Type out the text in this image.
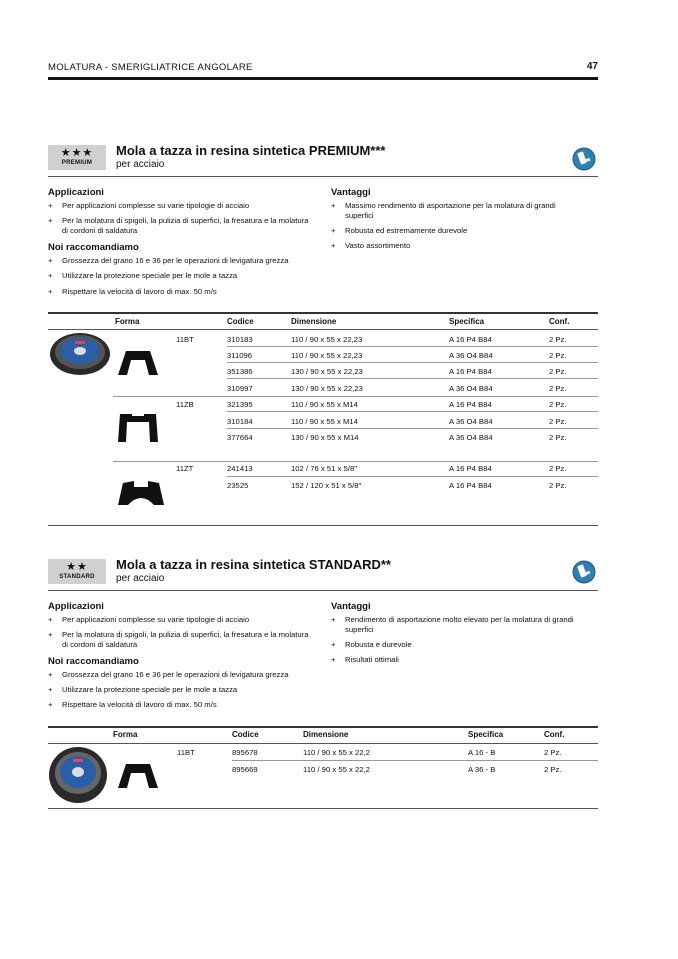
MOLATURA - SMERIGLIATRICE ANGOLARE	47
★★★
PREMIUM
Mola a tazza in resina sintetica PREMIUM***
per acciaio
Applicazioni
+ Per applicazioni complesse su varie tipologie di acciaio
+ Per la molatura di spigoli, la pulizia di superfici, la fresatura e la molatura
di cordoni di saldatura
Noi raccomandiamo
+ Grossezza del grano 16 e 36 per le operazioni di levigatura grezza
+ Utilizzare la protezione speciale per le mole a tazza
+ Rispettare la velocità di lavoro di max. 50 m/s
Vantaggi
+ Massimo rendimento di asportazione per la molatura di grandi
superfici
+ Robusta ed estremamente durevole
+ Vasto assortimento
Forma	Codice	Dimensione	Specifica	Conf.
11BT	310183	110 / 90 x 55 x 22,23	A 16 P4 B84	2 Pz.
311096	110 / 90 x 55 x 22,23	A 36 O4 B84	2 Pz.
351386	130 / 90 x 55 x 22,23	A 16 P4 B84	2 Pz.
310997	130 / 90 x 55 x 22,23	A 36 O4 B84	2 Pz.
11ZB	321395	110 / 90 x 55 x M14	A 16 P4 B84	2 Pz.
310184	110 / 90 x 55 x M14	A 36 O4 B84	2 Pz.
377664	130 / 90 x 55 x M14	A 36 O4 B84	2 Pz.
11ZT	241413	102 / 76 x 51 x 5/8"	A 16 P4 B84	2 Pz.
23525	152 / 120 x 51 x 5/8"	A 16 P4 B84	2 Pz.
★★
STANDARD
Mola a tazza in resina sintetica STANDARD**
per acciaio
Applicazioni
+ Per applicazioni complesse su varie tipologie di acciaio
+ Per la molatura di spigoli, la pulizia di superfici, la fresatura e la molatura
di cordoni di saldatura
Noi raccomandiamo
+ Grossezza del grano 16 e 36 per le operazioni di levigatura grezza
+ Utilizzare la protezione speciale per le mole a tazza
+ Rispettare la velocità di lavoro di max. 50 m/s
Vantaggi
+ Rendimento di asportazione molto elevato per la molatura di grandi
superfici
+ Robusta e durevole
+ Risultati ottimali
Forma	Codice	Dimensione	Specifica	Conf.
11BT	895678	110 / 90 x 55 x 22,2	A 16 - B	2 Pz.
895669	110 / 90 x 55 x 22,2	A 36 - B	2 Pz.
